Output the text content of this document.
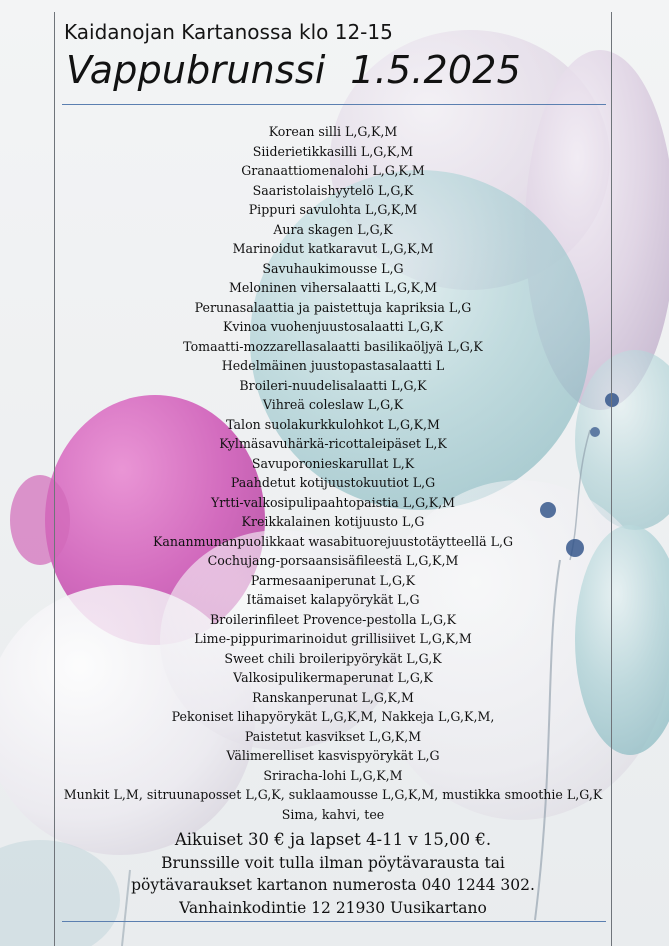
Kaidanojan Kartanossa klo 12-15
Vappubrunssi  1.5.2025
Korean silli L,G,K,M
Siiderietikkasilli L,G,K,M
Granaattiomenalohi L,G,K,M
Saaristolaishyytelö L,G,K
Pippuri savulohta L,G,K,M
Aura skagen L,G,K
Marinoidut katkaravut L,G,K,M
Savuhaukimousse L,G
Meloninen vihersalaatti L,G,K,M
Perunasalaattia ja paistettuja kapriksia L,G
Kvinoa vuohenjuustosalaatti L,G,K
Tomaatti-mozzarellasalaatti basilikaöljyä L,G,K
Hedelmäinen juustopastasalaatti L
Broileri-nuudelisalaatti L,G,K
Vihreä coleslaw L,G,K
Talon suolakurkkulohkot L,G,K,M
Kylmäsavuhärkä-ricottaleipäset L,K
Savuporonieskarullat L,K
Paahdetut kotijuustokuutiot L,G
Yrtti-valkosipulipaahtopaistia L,G,K,M
Kreikkalainen kotijuusto L,G
Kananmunanpuolikkaat wasabituorejuustotäytteellä L,G
Cochujang-porsaansisäfileestä L,G,K,M
Parmesaaniperunat L,G,K
Itämaiset kalapyörykät L,G
Broilerinfileet Provence-pestolla L,G,K
Lime-pippurimarinoidut grillisiivet L,G,K,M
Sweet chili broileripyörykät L,G,K
Valkosipulikermaperunat L,G,K
Ranskanperunat L,G,K,M
Pekoniset lihapyörykät L,G,K,M, Nakkeja L,G,K,M,
Paistetut kasvikset L,G,K,M
Välimerelliset kasvispyörykät L,G
Sriracha-lohi L,G,K,M
Munkit L,M, sitruunaposset L,G,K, suklaamousse L,G,K,M, mustikka smoothie L,G,K
Sima, kahvi, tee
Aikuiset 30 € ja lapset 4-11 v 15,00 €.
Brunssille voit tulla ilman pöytävarausta tai
pöytävaraukset kartanon numerosta 040 1244 302.
Vanhainkodintie 12 21930 Uusikartano
